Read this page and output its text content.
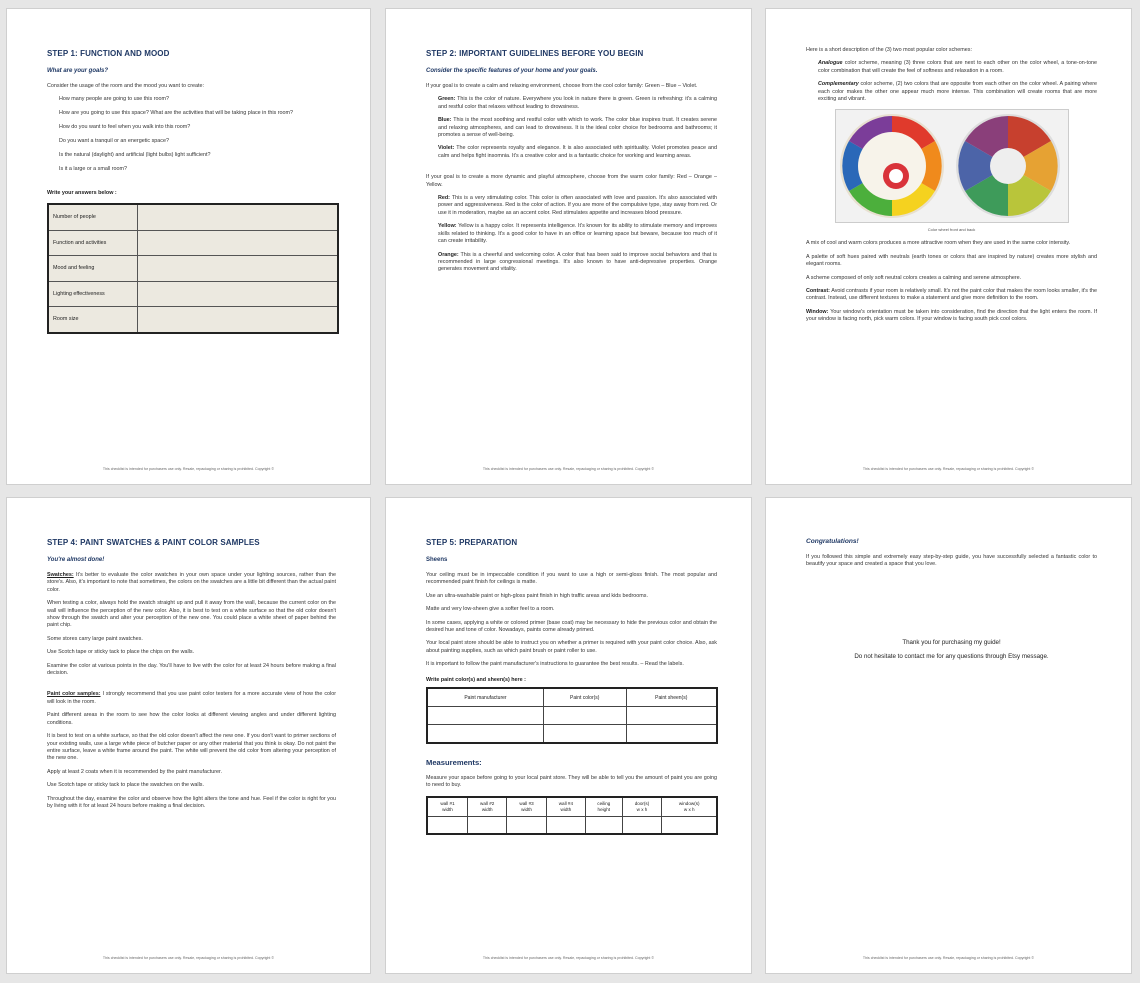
STEP 1: FUNCTION AND MOOD
What are your goals?

Consider the usage of the room and the mood you want to create:

How many people are going to use this room?

How are you going to use this space? What are the activities that will be taking place in this room?

How do you want to feel when you walk into this room?

Do you want a tranquil or an energetic space?

Is the natural (daylight) and artificial (light bulbs) light sufficient?

Is it a large or a small room?

Write your answers below :

Number of people	
Function and activities	
Mood and feeling	
Lighting effectiveness	
Room size	
This checklist is intended for purchasers use only. Resale, repackaging or sharing is prohibited. Copyright ©
STEP 2: IMPORTANT GUIDELINES BEFORE YOU BEGIN
Consider the specific features of your home and your goals.

If your goal is to create a calm and relaxing environment, choose from the cool color family: Green – Blue – Violet.

Green: This is the color of nature. Everywhere you look in nature there is green. Green is refreshing: it's a calming and restful color that relaxes without leading to drowsiness.

Blue: This is the most soothing and restful color with which to work. The color blue inspires trust. It creates serene and relaxing atmospheres, and can lead to drowsiness. It is the ideal color choice for bedrooms and bathrooms; it promotes a sense of well-being.

Violet: The color represents royalty and elegance. It is also associated with spirituality. Violet promotes peace and calm and helps fight insomnia. It's a creative color and is a fantastic choice for working and learning areas.

If your goal is to create a more dynamic and playful atmosphere, choose from the warm color family: Red – Orange – Yellow.

Red: This is a very stimulating color. This color is often associated with love and passion. It's also associated with power and aggressiveness. Red is the color of action. If you are more of the compulsive type, stay away from red. Or use it in moderation, maybe as an accent color. Red stimulates appetite and increases blood pressure.

Yellow: Yellow is a happy color. It represents intelligence. It's known for its ability to stimulate memory and improves skills related to thinking. It's a good color to have in an office or learning space but beware, because too much of it can create irritability.

Orange: This is a cheerful and welcoming color. A color that has been said to improve social behaviors and that is recommended in large congressional meetings. It's also known to have anti-depressive properties. Orange generates movement and vitality.

This checklist is intended for purchasers use only. Resale, repackaging or sharing is prohibited. Copyright ©

Here is a short description of the (3) two most popular color schemes:

Analogue color scheme, meaning (3) three colors that are next to each other on the color wheel, a tone-on-tone color combination that will create the feel of softness and relaxation in a room.

Complementary color scheme, (2) two colors that are opposite from each other on the color wheel. A pairing where each color makes the other one appear much more intense. This combination will create rooms that are more exciting and vibrant.

Color wheel front and back

A mix of cool and warm colors produces a more attractive room when they are used in the same color intensity.

A palette of soft hues paired with neutrals (earth tones or colors that are inspired by nature) creates more stylish and elegant rooms.

A scheme composed of only soft neutral colors creates a calming and serene atmosphere.

Contrast: Avoid contrasts if your room is relatively small. It's not the paint color that makes the room looks smaller, it's the contrast. Instead, use different textures to make a statement and give more definition to the room.

Window: Your window's orientation must be taken into consideration, find the direction that the light enters the room. If your window is facing north, pick warm colors. If your window is facing south pick cool colors.

This checklist is intended for purchasers use only. Resale, repackaging or sharing is prohibited. Copyright ©
STEP 4: PAINT SWATCHES & PAINT COLOR SAMPLES
You're almost done!

Swatches: It's better to evaluate the color swatches in your own space under your lighting sources, rather than the store's. Also, it's important to note that sometimes, the colors on the swatches are a little bit different than the actual paint color.

When testing a color, always hold the swatch straight up and pull it away from the wall, because the current color on the wall will influence the perception of the new color. Also, it is best to test on a white surface so that the old color doesn't show through the swatch and alter your perception of the new one. You could place a white sheet of paper behind the paint chip.

Some stores carry large paint swatches.

Use Scotch tape or sticky tack to place the chips on the walls.

Examine the color at various points in the day. You'll have to live with the color for at least 24 hours before making a final decision.

Paint color samples: I strongly recommend that you use paint color testers for a more accurate view of how the color will look in the room.

Paint different areas in the room to see how the color looks at different viewing angles and under different lighting conditions.

It is best to test on a white surface, so that the old color doesn't affect the new one. If you don't want to primer sections of your existing walls, use a large white piece of butcher paper or any other material that you think is okay. Do not paint the entire surface, leave a white frame around the paint. The white will prevent the old color from altering your perception of the new one.

Apply at least 2 coats when it is recommended by the paint manufacturer.

Use Scotch tape or sticky tack to place the swatches on the walls.

Throughout the day, examine the color and observe how the light alters the tone and hue. Feel if the color is right for you by living with it for at least 24 hours before making a final decision.

This checklist is intended for purchasers use only. Resale, repackaging or sharing is prohibited. Copyright ©
STEP 5: PREPARATION
Sheens

Your ceiling must be in impeccable condition if you want to use a high or semi-gloss finish. The most popular and recommended paint finish for ceilings is matte.

Use an ultra-washable paint or high-gloss paint finish in high traffic areas and kids bedrooms.

Matte and very low-sheen give a softer feel to a room.

In some cases, applying a white or colored primer (base coat) may be necessary to hide the previous color and obtain the desired hue and tone of color. Nowadays, paints come already primed.

Your local paint store should be able to instruct you on whether a primer is required with your paint color choice. Also, ask about painting supplies, such as which paint brush or paint roller to use.

It is important to follow the paint manufacturer's instructions to guarantee the best results. – Read the labels.

Write paint color(s) and sheen(s) here :

Paint manufacturer	Paint color(s)	Paint sheen(s)

Measurements:

Measure your space before going to your local paint store. They will be able to tell you the amount of paint you are going to need to buy.

wall #1
width	wall #2
width	wall #3
width	wall #4
width	ceiling
height	door(s)
w x h	window(s)
w x h

This checklist is intended for purchasers use only. Resale, repackaging or sharing is prohibited. Copyright ©
Congratulations!

If you followed this simple and extremely easy step-by-step guide, you have successfully selected a fantastic color to beautify your space and created a space that you love.

Thank you for purchasing my guide!
Do not hesitate to contact me for any questions through Etsy message.
This checklist is intended for purchasers use only. Resale, repackaging or sharing is prohibited. Copyright ©
